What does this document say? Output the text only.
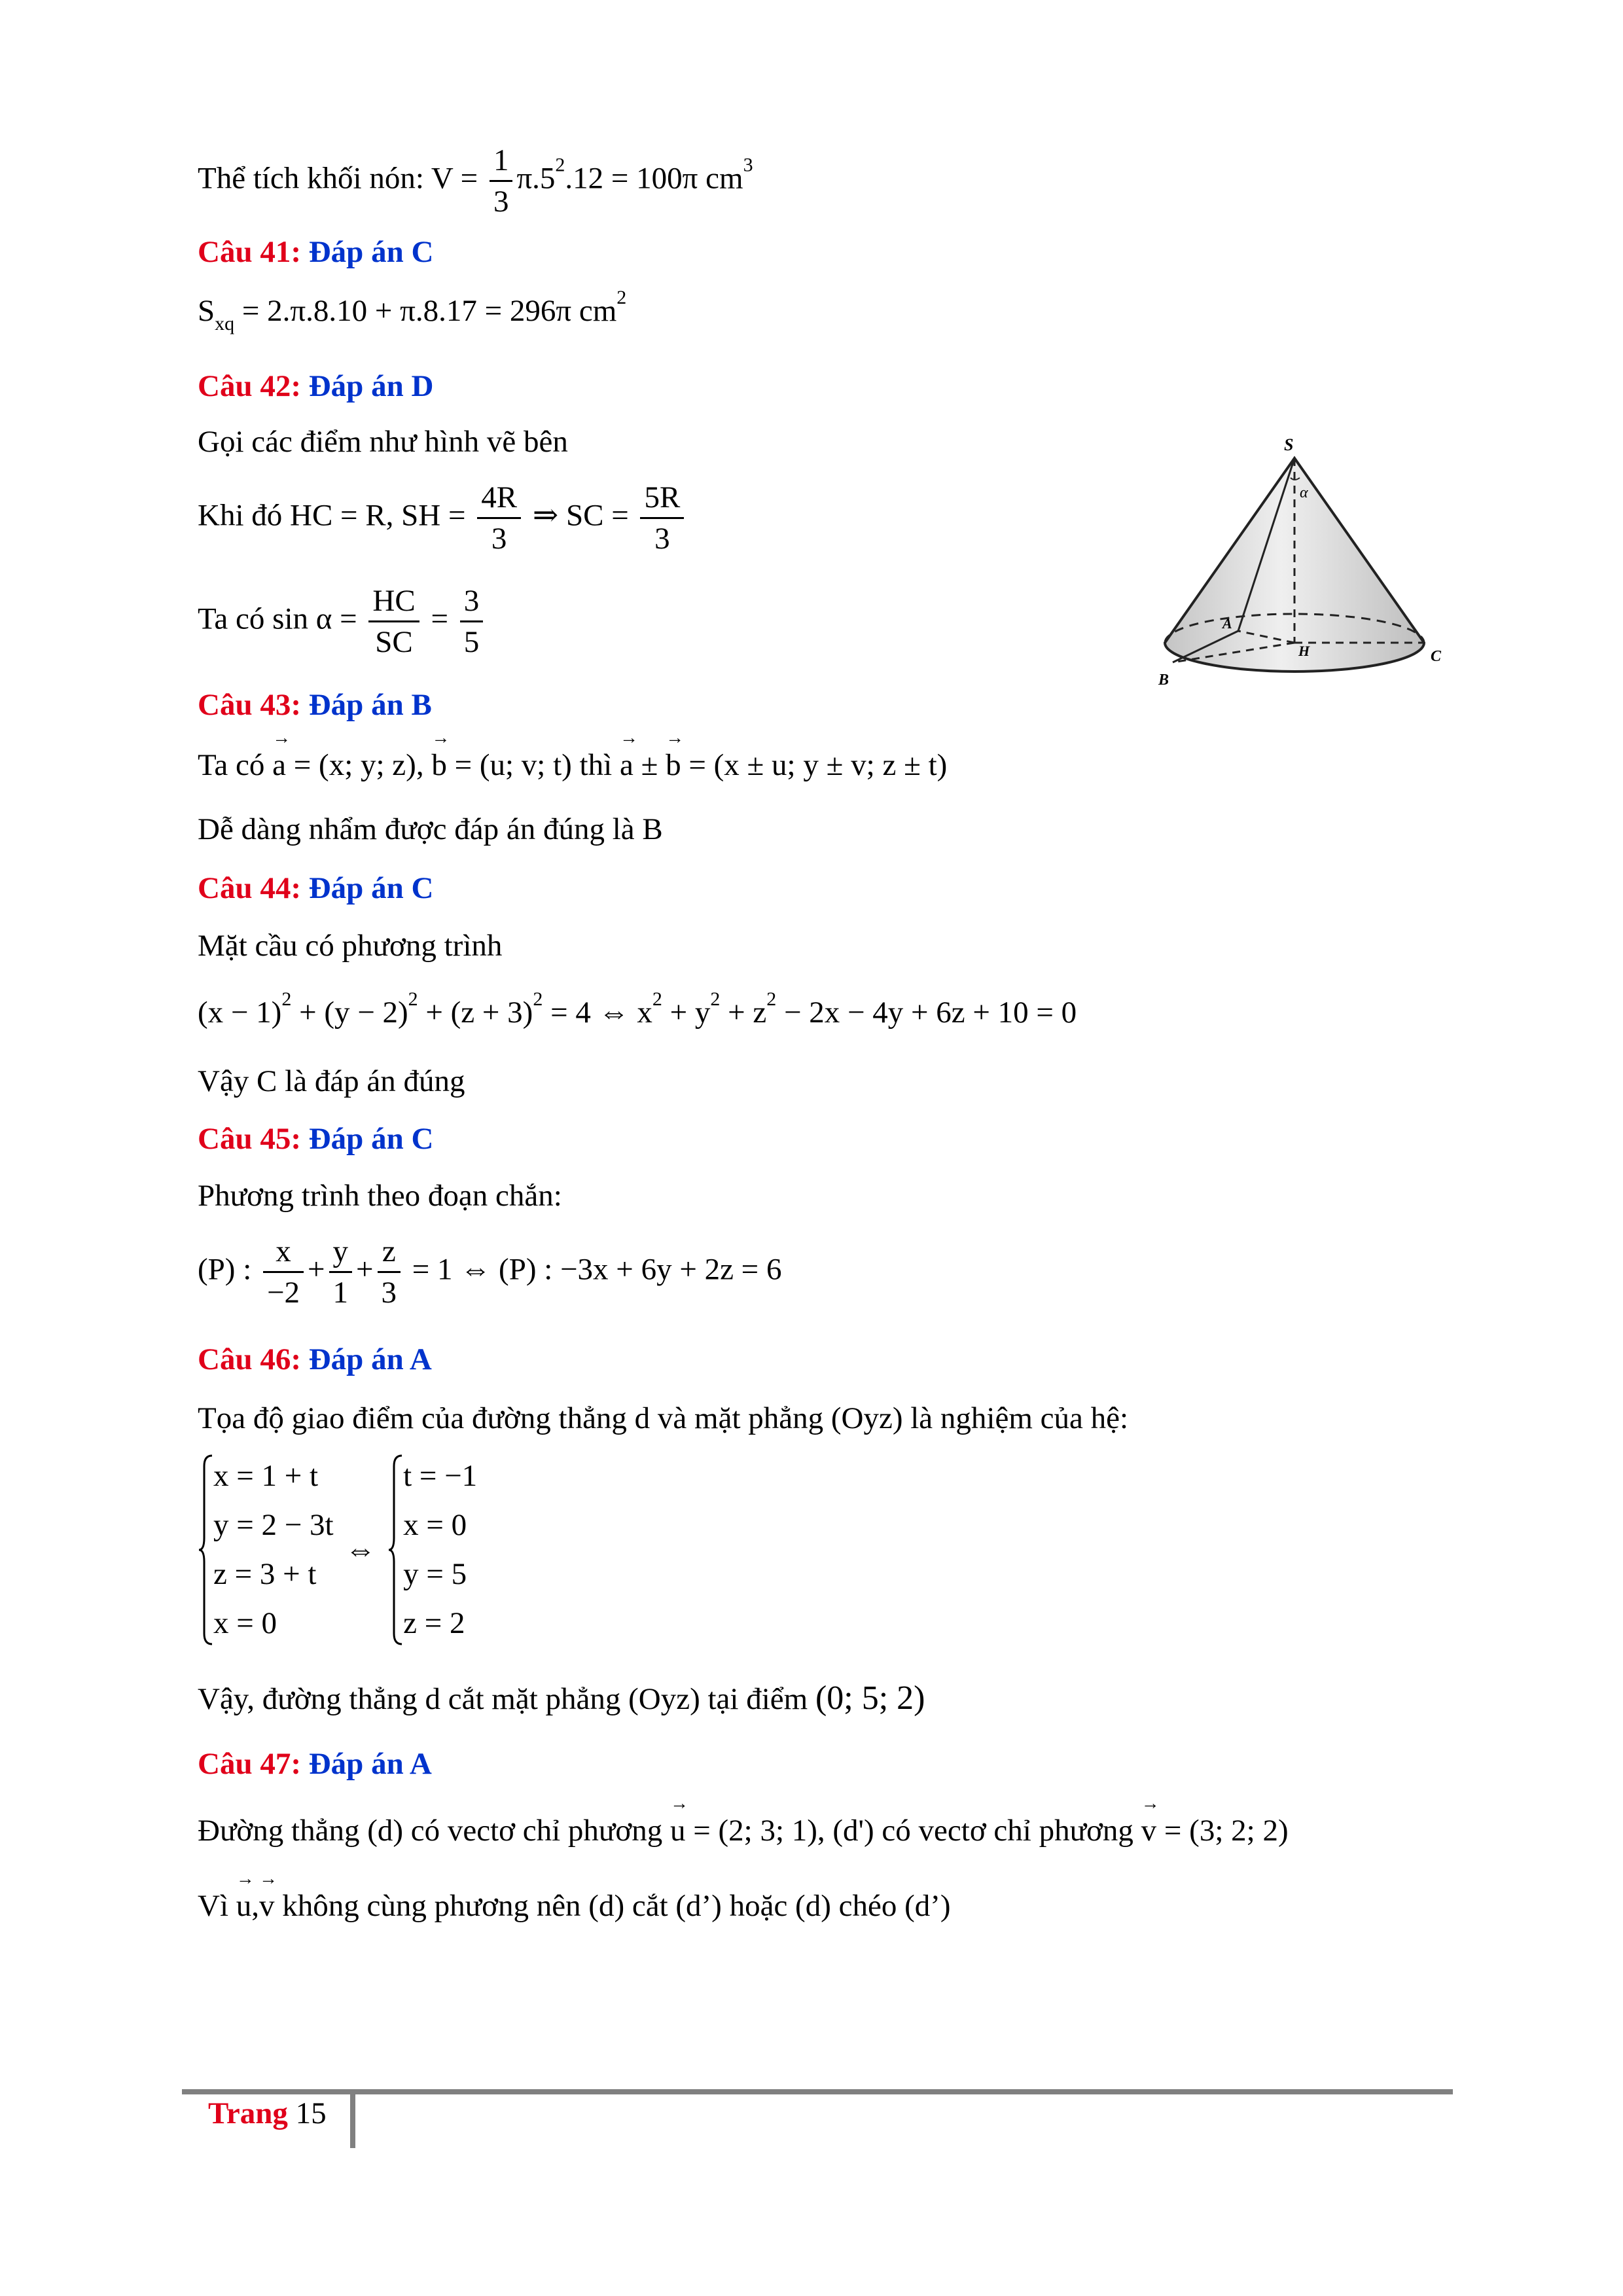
Thể tích khối nón: $V = \frac{1}{3} \pi.5^2.12 = 100\pi$ $cm^3$
Câu 41: Đáp án C
$S_{xq} = 2.\pi.8.10 + \pi.8.17 = 296\pi$ $cm^2$
Câu 42: Đáp án D
Gọi các điểm như hình vẽ bên
Khi đó HC = R, SH = $\frac{4R}{3}$ ⇒ SC = $\frac{5R}{3}$
Ta có $\sin \alpha = \frac{HC}{SC} = \frac{3}{5}$
S
α
A
H
B
C
Câu 43: Đáp án B
Ta có → a = (x; y; z), → b = (u; v; t) thì → a ± → b = (x ± u; y ± v; z ± t)
Dễ dàng nhẩm được đáp án đúng là B
Câu 44: Đáp án C
Mặt cầu có phương trình
$(x - 1)^2 + (y - 2)^2 + (z + 3)^2 = 4$ ⇔ $x^2 + y^2 + z^2 - 2x - 4y + 6z + 10 = 0$
Vậy C là đáp án đúng
Câu 45: Đáp án C
Phương trình theo đoạn chắn:
(P) : $\frac{x}{-2} + \frac{y}{1} + \frac{z}{3} = 1$ ⇔ (P) : −3x + 6y + 2z = 6
Câu 46: Đáp án A
Tọa độ giao điểm của đường thẳng d và mặt phẳng (Oyz) là nghiệm của hệ:
x = 1 + t
y = 2 − 3t
z = 3 + t
x = 0
⇔
t = −1
x = 0
y = 5
z = 2
Vậy, đường thẳng d cắt mặt phẳng (Oyz) tại điểm (0; 5; 2)
Câu 47: Đáp án A
Đường thẳng (d) có vectơ chỉ phương → u = (2; 3; 1), (d') có vectơ chỉ phương → v = (3; 2; 2)
Vì → u,→ v không cùng phương nên (d) cắt (d’) hoặc (d) chéo (d’)
Trang 15
